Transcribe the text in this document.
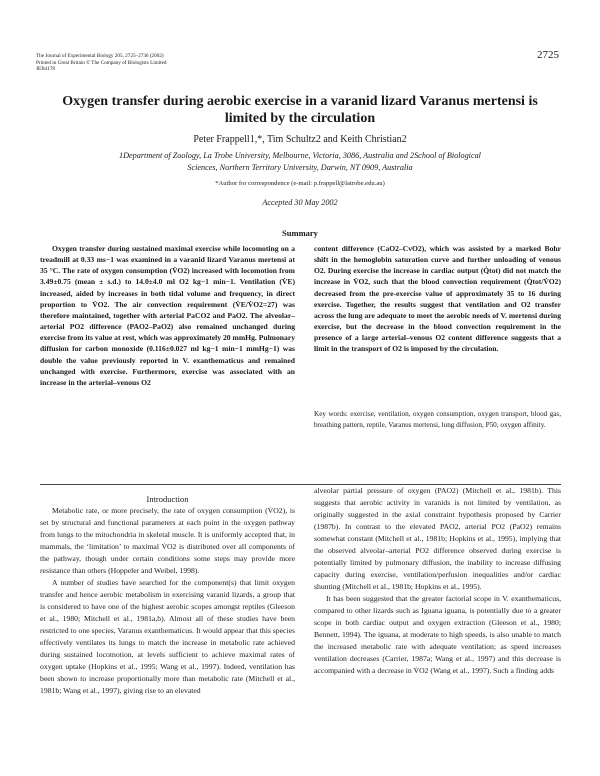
The Journal of Experimental Biology 205, 2725–2736 (2002)
Printed in Great Britain © The Company of Biologists Limited
JEB4178
2725
Oxygen transfer during aerobic exercise in a varanid lizard Varanus mertensi is limited by the circulation
Peter Frappell1,*, Tim Schultz2 and Keith Christian2
1Department of Zoology, La Trobe University, Melbourne, Victoria, 3086, Australia and 2School of Biological
Sciences, Northern Territory University, Darwin, NT 0909, Australia
*Author for correspondence (e-mail: p.frappell@latrobe.edu.au)
Accepted 30 May 2002
Summary

Oxygen transfer during sustained maximal exercise while locomoting on a treadmill at 0.33 ms−1 was examined in a varanid lizard Varanus mertensi at 35 °C. The rate of oxygen consumption (V̇O2) increased with locomotion from 3.49±0.75 (mean ± s.d.) to 14.0±4.0 ml O2 kg−1 min−1. Ventilation (V̇E) increased, aided by increases in both tidal volume and frequency, in direct proportion to V̇O2. The air convection requirement (V̇E/V̇O2=27) was therefore maintained, together with arterial PaCO2 and PaO2. The alveolar–arterial PO2 difference (PAO2–PaO2) also remained unchanged during exercise from its value at rest, which was approximately 20 mmHg. Pulmonary diffusion for carbon monoxide (0.116±0.027 ml kg−1 min−1 mmHg−1) was double the value previously reported in V. exanthematicus and remained unchanged with exercise. Furthermore, exercise was associated with an increase in the arterial–venous O2

content difference (CaO2–CvO2), which was assisted by a marked Bohr shift in the hemoglobin saturation curve and further unloading of venous O2. During exercise the increase in cardiac output (Q̇tot) did not match the increase in V̇O2, such that the blood convection requirement (Q̇tot/V̇O2) decreased from the pre-exercise value of approximately 35 to 16 during exercise. Together, the results suggest that ventilation and O2 transfer across the lung are adequate to meet the aerobic needs of V. mertensi during exercise, but the decrease in the blood convection requirement in the presence of a large arterial–venous O2 content difference suggests that a limit in the transport of O2 is imposed by the circulation.

Key words: exercise, ventilation, oxygen consumption, oxygen transport, blood gas, breathing pattern, reptile, Varanus mertensi, lung diffusion, P50, oxygen affinity.
Introduction

Metabolic rate, or more precisely, the rate of oxygen consumption (V̇O2), is set by structural and functional parameters at each point in the oxygen pathway from lungs to the mitochondria in skeletal muscle. It is uniformly accepted that, in mammals, the ‘limitation’ to maximal V̇O2 is distributed over all components of the pathway, though under certain conditions some steps may provide more resistance than others (Hoppeler and Weibel, 1998).

A number of studies have searched for the component(s) that limit oxygen transfer and hence aerobic metabolism in exercising varanid lizards, a group that is considered to have one of the highest aerobic scopes amongst reptiles (Gleeson et al., 1980; Mitchell et al., 1981a,b). Almost all of these studies have been restricted to one species, Varanus exanthematicus. It would appear that this species effectively ventilates its lungs to match the increase in metabolic rate achieved during sustained locomotion, at levels sufficient to achieve maximal rates of oxygen uptake (Hopkins et al., 1995; Wang et al., 1997). Indeed, ventilation has been shown to increase proportionally more than metabolic rate (Mitchell et al., 1981b; Wang et al., 1997), giving rise to an elevated

alveolar partial pressure of oxygen (PAO2) (Mitchell et al., 1981b). This suggests that aerobic activity in varanids is not limited by ventilation, as originally suggested in the axial constraint hypothesis proposed by Carrier (1987b). In contrast to the elevated PAO2, arterial PO2 (PaO2) remains somewhat constant (Mitchell et al., 1981b; Hopkins et al., 1995), implying that the observed alveolar–arterial PO2 difference observed during exercise is potentially limited by pulmonary diffusion, the inability to increase diffusing capacity during exercise, ventilation/perfusion inequalities and/or cardiac shunting (Mitchell et al., 1981b; Hopkins et al., 1995).

It has been suggested that the greater factorial scope in V. exanthematicus, compared to other lizards such as Iguana iguana, is potentially due to a greater scope in both cardiac output and oxygen extraction (Gleeson et al., 1980; Bennett, 1994). The iguana, at moderate to high speeds, is also unable to match the increased metabolic rate with adequate ventilation; as speed increases ventilation decreases (Carrier, 1987a; Wang et al., 1997) and this decrease is accompanied with a decrease in V̇O2 (Wang et al., 1997). Such a finding adds
